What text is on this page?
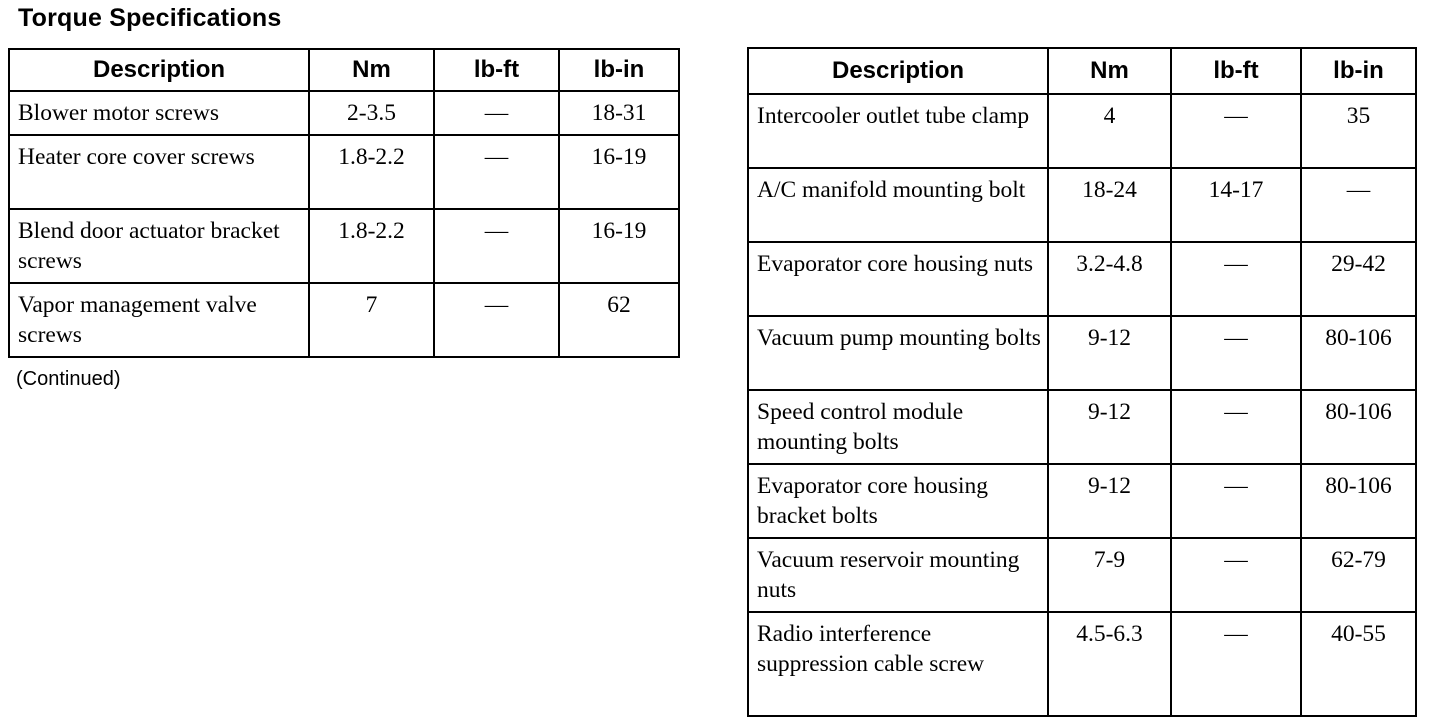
Torque Specifications
Description	Nm	lb-ft	lb-in
Blower motor screws	2-3.5	—	18-31
Heater core cover screws	1.8-2.2	—	16-19
Blend door actuator bracket screws	1.8-2.2	—	16-19
Vapor management valve screws	7	—	62
(Continued)
Description	Nm	lb-ft	lb-in
Intercooler outlet tube clamp	4	—	35
A/C manifold mounting bolt	18-24	14-17	—
Evaporator core housing nuts	3.2-4.8	—	29-42
Vacuum pump mounting bolts	9-12	—	80-106
Speed control module mounting bolts	9-12	—	80-106
Evaporator core housing bracket bolts	9-12	—	80-106
Vacuum reservoir mounting nuts	7-9	—	62-79
Radio interference suppression cable screw	4.5-6.3	—	40-55
